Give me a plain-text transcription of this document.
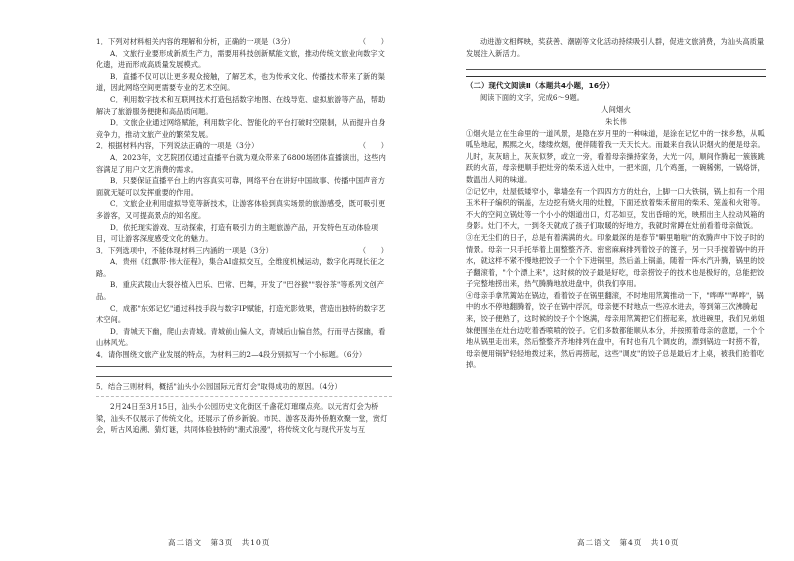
1．下列对材料相关内容的理解和分析，正确的一项是（3分）	（　　）
A．文旅行业要形成新质生产力，需要用科技创新赋能文旅，推动传统文旅业向数字文化遗，进而形成高质量发展模式。
B．直播不仅可以让更多观众接触，了解艺术，也为传承文化、传播技术带来了新的渠道，因此网络空间更需要专业的艺术空间。
C．利用数字技术和互联网技术打造包括数字地图、在线导览、虚拟旅游等产品，帮助解决了旅游服务便捷和高品质问题。
D．文旅企业通过网络赋能，利用数字化、智能化的平台打破时空限制，从而提升自身竞争力，推动文旅产业的繁荣发展。
2．根据材料内容，下列说法正确的一项是（3分）	（　　）
A．2023年，文艺院团仅通过直播平台就为观众带来了6800场团体直播演出，这些内容满足了用户文艺消费的需求。
B．只要保证直播平台上的内容真实可靠，网络平台在讲好中国故事、传播中国声音方面就无疑可以发挥重要的作用。
C．文旅企业利用虚拟导览等新技术，让游客体验到真实场景的旅游感受，既可吸引更多游客，又可提高景点的知名度。
D．依托现实游戏、互动探索，打造有吸引力的主题旅游产品，开发特色互动体验项目，可让游客深度感受文化的魅力。
3．下列选项中，不能体现材料三内涵的一项是（3分）	（　　）
A．贵州《红飘带·伟大征程》，集合AI虚拟交互，全维度机械运动，数字化再现长征之路。
B．重庆武陵山大裂谷植入巴乐、巴常、巴舞，开发了"巴谷猴""裂谷茶"等系列文创产品。
C．成都"东郊记忆"通过科技手段与数字IP赋能，打造光影效果，营造出独特的数字艺术空间。
D．青城天下幽，爬山去青城。青城前山偏人文，青城后山偏自然，行而寻古探幽，看山林风光。
4．请你围绕文旅产业发展的特点，为材料三的2—4段分别拟写一个小标题。（6分）
5．结合三则材料，概括"汕头小公园国际元宵灯会"取得成功的原因。（4分）
2月24日至3月15日，汕头小公园历史文化街区千盏花灯璀璨点亮。以元宵灯会为桥梁，汕头不仅展示了传统文化，还展示了侨乡新貌。市民、游客及海外侨胞欢聚一堂，赏灯会，听古风追溯、猜灯谜，共同体验独特的"潮式浪漫"，将传统文化与现代开发与互
高二语文　第3页　共10页
动进游文相辉映，奖获善、潮剧等文化活动持续吸引人群，促进文旅消费，为汕头高质量发展注入新活力。
（二）现代文阅读Ⅱ（本题共4小题，16分）
阅读下面的文字，完成6～9题。
人间烟火
朱长伟

①烟火是立在生命里的一道风景，是隐在岁月里的一种味道，是涂在记忆中的一抹乡愁，从呱呱坠地起，熙熙之火，缕缕炊烟，便伴随着我一天天长大。而最来自我认识烟火的便是母亲。儿时，灰灰暗上，灰灰似梦，或立一旁，看着母亲操持家务，大光一闪，顺间作腾起一簇簇跳跃的火苗，母亲便顺手把灶旁的柴禾送入灶中，一把米面，几个鸡蛋，一碗稀粥，一锅烙饼，数温出人间的味道。

②记忆中，灶屋低矮窄小，靠墙垒有一个四四方方的灶台，上脚一口大铁锅，锅上扣有一个用玉米秆子编织的锅盖，左边挖有烧火用的灶膛，下面还放着柴禾留用的柴禾、笼盖和火钳等。不大的空间立锅灶等一个小小的烟道出口，灯芯如豆，发出昏暗的光，映照出主人拉动风箱的身影。灶门不大，一到冬天就成了孩子们取暖的好地方，我就时常蹲在灶前看着母亲做饭。

③在无尘们的日子，总是有着满满的火。印象最深的是春节"噼里啪啦"的欢腾声中下饺子时的情景。母亲一只手托举着上面整整齐齐、密密麻麻排列着饺子的篦子，另一只手搅着锅中的开水，就这样不紧不慢地把饺子一个个下进锅里，然后盖上锅盖，随着一阵水汽升腾，锅里的饺子翻滚着，"个个漂上来"，这时候的饺子最是好吃，母亲捞饺子的技术也是极好的，总能把饺子完整地捞出来，热气腾腾地放进盘中，供我们享用。

④母亲手拿笊篱站在锅边，看着饺子在锅里翻滚，不时地用笊篱推动一下，"哗哗""哗哗"，锅中的水不停地翻腾着，饺子在锅中浮沉，母亲便不时地点一些凉水进去，等到第三次沸腾起来，饺子便熟了，这时候的饺子个个饱满，母亲用笊篱把它们捞起来，放进碗里，我们兄弟姐妹便围坐在灶台边吃着香喷喷的饺子。它们多数都能顺从本分，并按照着母亲的意愿，一个个地从锅里走出来，然后整整齐齐地排列在盘中，有时也有几个调皮的，漂到锅边一时捞不着，母亲便用锅铲轻轻地拨过来，然后再捞起，这些"调皮"的饺子总是最后才上桌，被我们抢着吃掉。

高二语文　第4页　共10页
